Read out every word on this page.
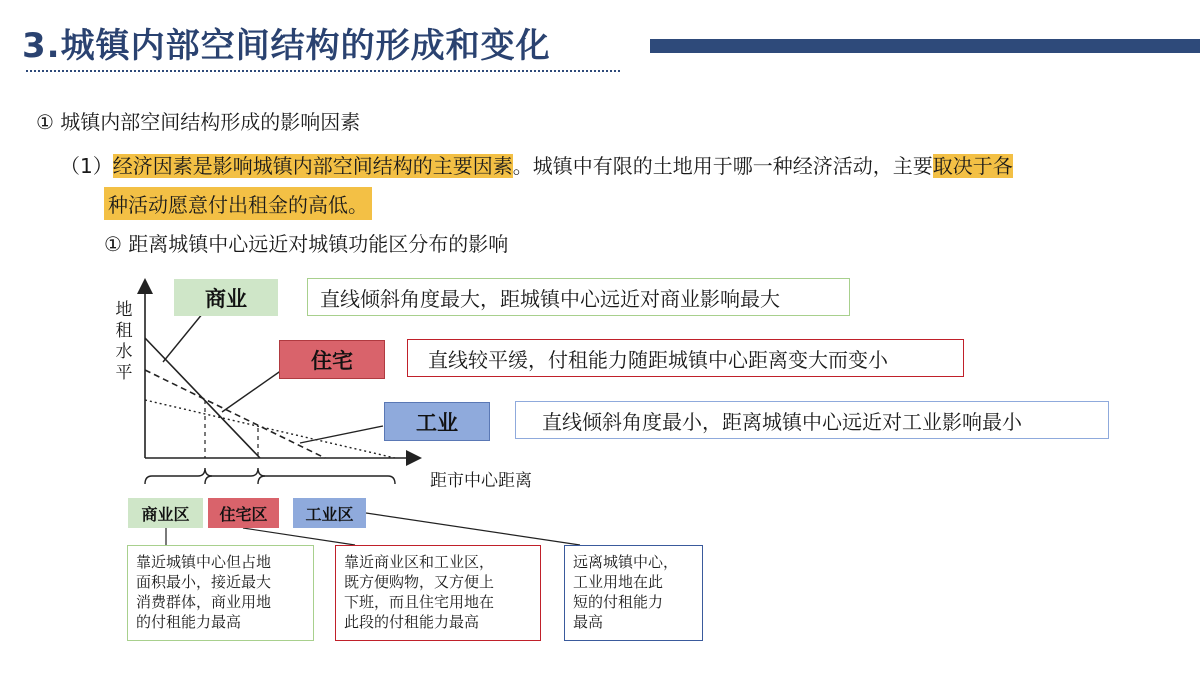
3.城镇内部空间结构的形成和变化
① 城镇内部空间结构形成的影响因素
（1）经济因素是影响城镇内部空间结构的主要因素。城镇中有限的土地用于哪一种经济活动，主要取决于各
种活动愿意付出租金的高低。
① 距离城镇中心远近对城镇功能区分布的影响
地租水平
距市中心距离
商业
住宅
工业
直线倾斜角度最大，距城镇中心远近对商业影响最大
直线较平缓，付租能力随距城镇中心距离变大而变小
直线倾斜角度最小，距离城镇中心远近对工业影响最小
商业区	住宅区	工业区
靠近城镇中心但占地
面积最小，接近最大
消费群体，商业用地
的付租能力最高
靠近商业区和工业区，
既方便购物，又方便上
下班，而且住宅用地在
此段的付租能力最高
远离城镇中心，
工业用地在此
短的付租能力
最高
